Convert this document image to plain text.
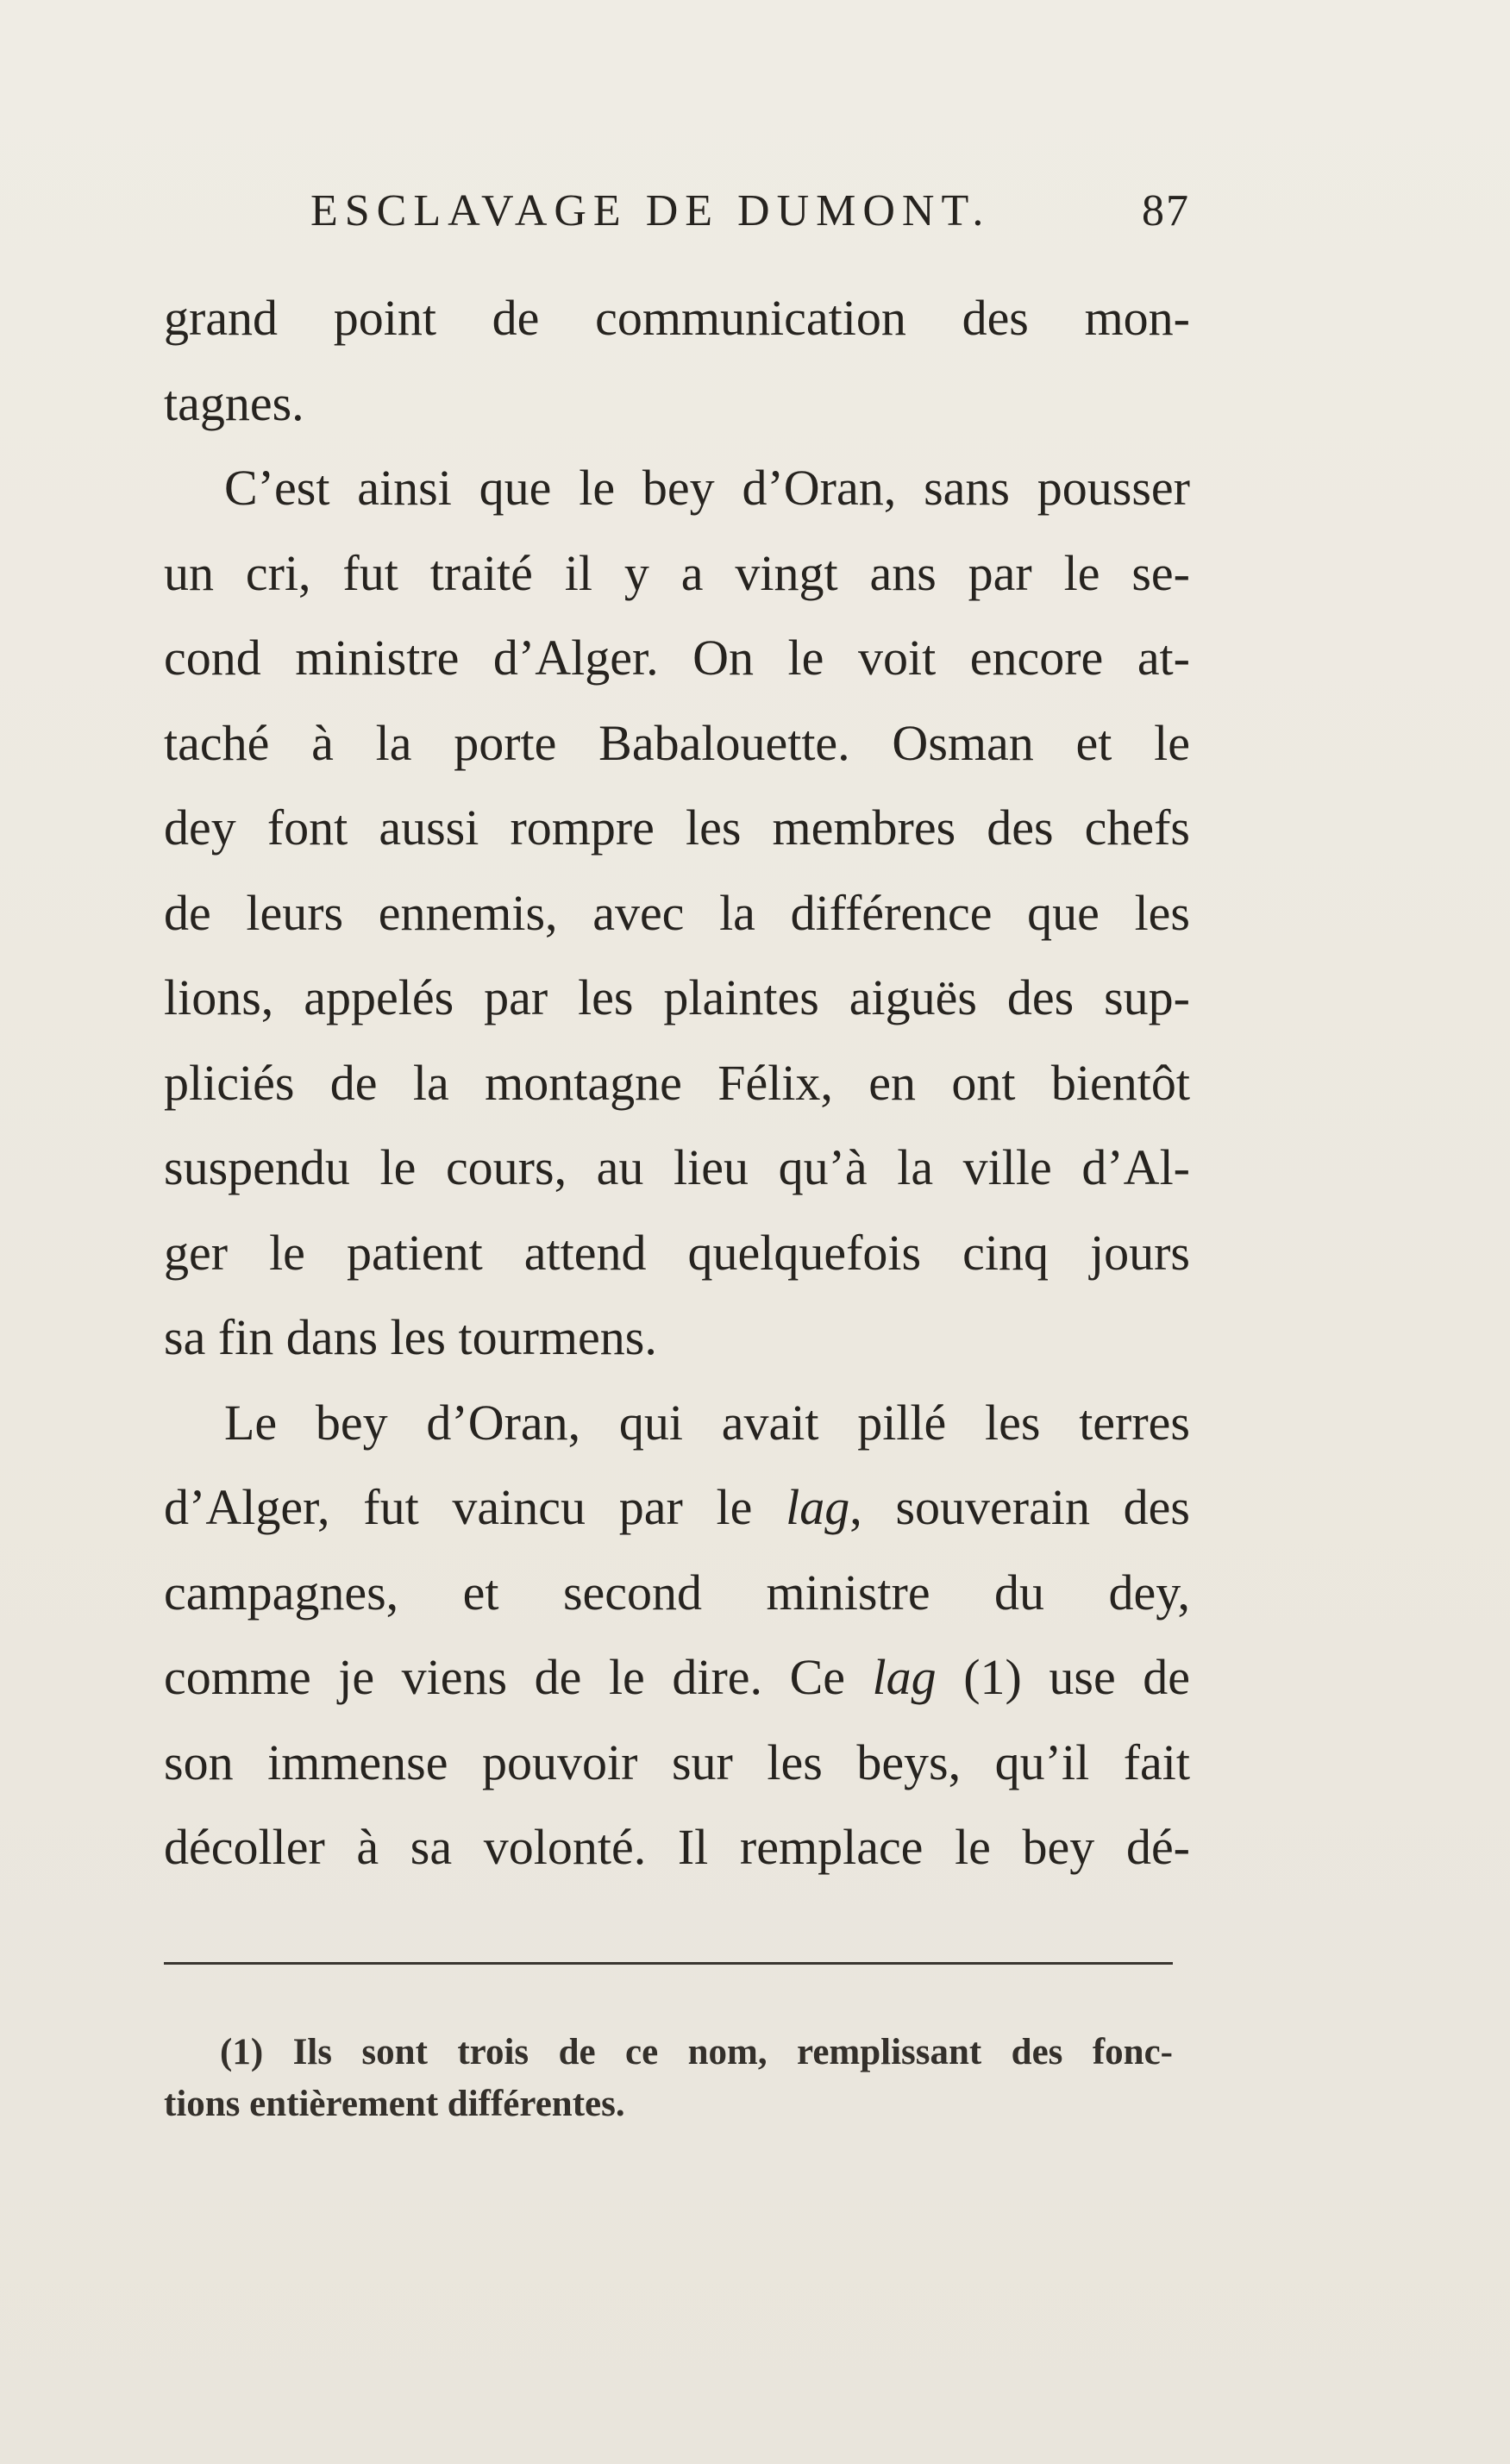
ESCLAVAGE DE DUMONT.	87
grand point de communication des mon-
tagnes.
C’est ainsi que le bey d’Oran, sans pousser
un cri, fut traité il y a vingt ans par le se-
cond ministre d’Alger. On le voit encore at-
taché à la porte Babalouette. Osman et le
dey font aussi rompre les membres des chefs
de leurs ennemis, avec la différence que les
lions, appelés par les plaintes aiguës des sup-
pliciés de la montagne Félix, en ont bientôt
suspendu le cours, au lieu qu’à la ville d’Al-
ger le patient attend quelquefois cinq jours
sa fin dans les tourmens.
Le bey d’Oran, qui avait pillé les terres
d’Alger, fut vaincu par le lag, souverain des
campagnes, et second ministre du dey,
comme je viens de le dire. Ce lag (1) use de
son immense pouvoir sur les beys, qu’il fait
décoller à sa volonté. Il remplace le bey dé-
(1) Ils sont trois de ce nom, remplissant des fonc-
tions entièrement différentes.
